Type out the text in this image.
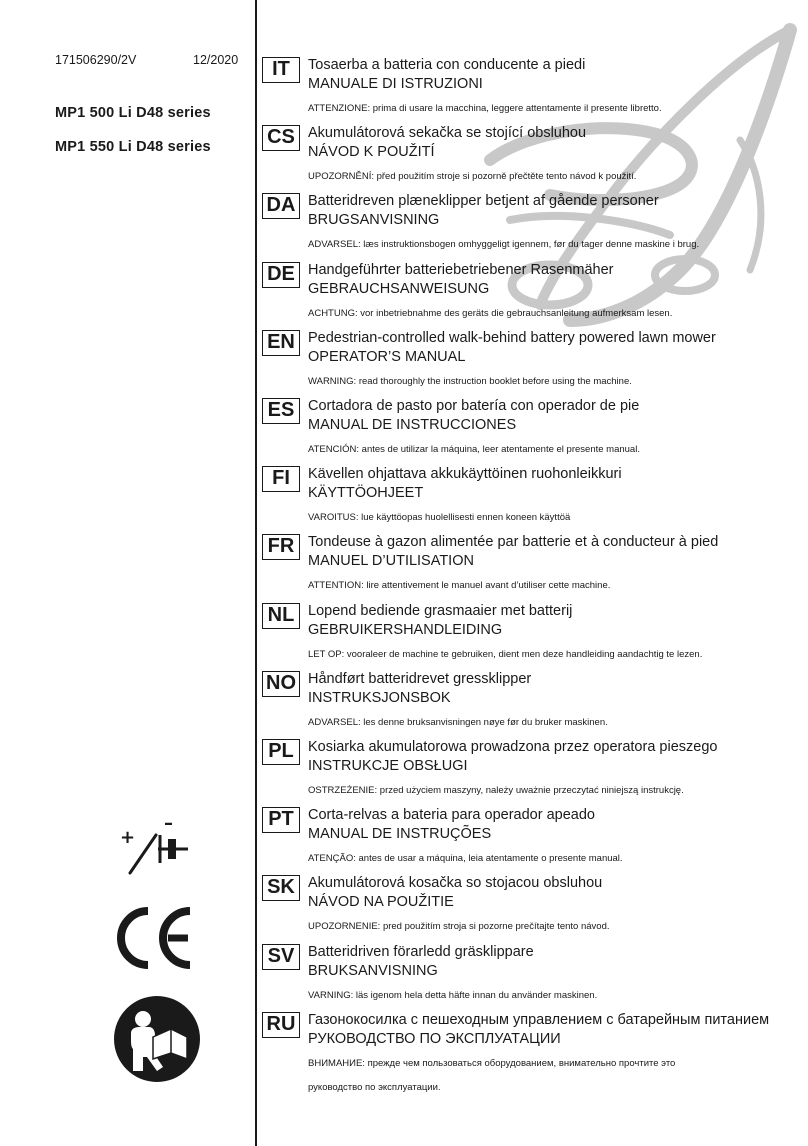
171506290/2V	12/2020
MP1 500 Li D48 series
MP1 550 Li D48 series
IT	Tosaerba a batteria con conducente a piedi
MANUALE DI ISTRUZIONI
ATTENZIONE: prima di usare la macchina, leggere attentamente il presente libretto.
CS Akumulátorová sekačka se stojící obsluhou
NÁVOD K POUŽITÍ
UPOZORNĚNÍ: před použitím stroje si pozorně přečtěte tento návod k použití.
DA Batteridreven plæneklipper betjent af gående personer
BRUGSANVISNING
ADVARSEL: læs instruktionsbogen omhyggeligt igennem, før du tager denne maskine i brug.
DE Handgeführter batteriebetriebener Rasenmäher
GEBRAUCHSANWEISUNG
ACHTUNG: vor inbetriebnahme des geräts die gebrauchsanleitung aufmerksam lesen.
EN Pedestrian-controlled walk-behind battery powered lawn mower
OPERATOR’S MANUAL
WARNING: read thoroughly the instruction booklet before using the machine.
ES Cortadora de pasto por batería con operador de pie
MANUAL DE INSTRUCCIONES
ATENCIÓN: antes de utilizar la máquina, leer atentamente el presente manual.
FI	Kävellen ohjattava akkukäyttöinen ruohonleikkuri
KÄYTTÖOHJEET
VAROITUS: lue käyttöopas huolellisesti ennen koneen käyttöä
FR Tondeuse à gazon alimentée par batterie et à conducteur à pied
MANUEL D’UTILISATION
ATTENTION: lire attentivement le manuel avant d’utiliser cette machine.
NL Lopend bediende grasmaaier met batterij
GEBRUIKERSHANDLEIDING
LET OP: vooraleer de machine te gebruiken, dient men deze handleiding aandachtig te lezen.
NO Håndført batteridrevet gressklipper
INSTRUKSJONSBOK
ADVARSEL: les denne bruksanvisningen nøye før du bruker maskinen.
PL Kosiarka akumulatorowa prowadzona przez operatora pieszego
INSTRUKCJE OBSŁUGI
OSTRZEŻENIE: przed użyciem maszyny, należy uważnie przeczytać niniejszą instrukcję.
PT Corta-relvas a bateria para operador apeado
MANUAL DE INSTRUÇÕES
ATENÇÃO: antes de usar a máquina, leia atentamente o presente manual.
SK Akumulátorová kosačka so stojacou obsluhou
NÁVOD NA POUŽITIE
UPOZORNENIE: pred použitím stroja si pozorne prečítajte tento návod.
SV Batteridriven förarledd gräsklippare
BRUKSANVISNING
VARNING: läs igenom hela detta häfte innan du använder maskinen.
RU Газонокосилка с пешеходным управлением с батарейным питанием
РУКОВОДСТВО ПО ЭКСПЛУАТАЦИИ
ВНИМАНИЕ: прежде чем пользоваться оборудованием, внимательно прочтите это
руководство по эксплуатации.
+
–
